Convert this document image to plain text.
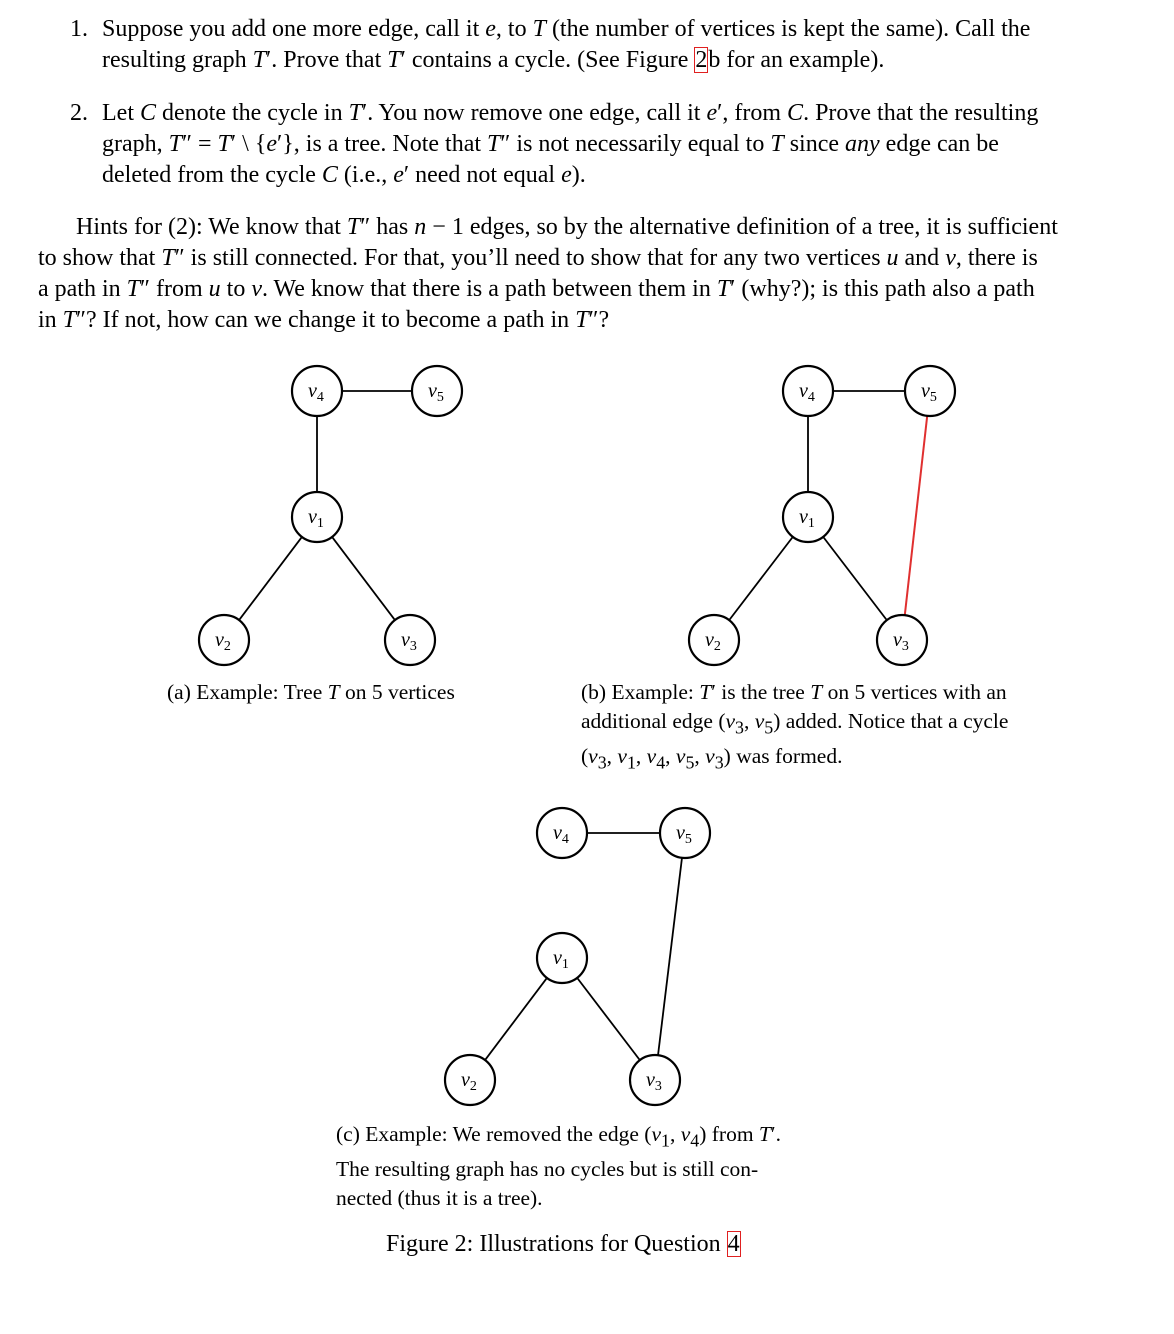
1. Suppose you add one more edge, call it e, to T (the number of vertices is kept the same). Call the
resulting graph T′. Prove that T′ contains a cycle. (See Figure 2b for an example).
2. Let C denote the cycle in T′. You now remove one edge, call it e′, from C. Prove that the resulting
graph, T″ = T′ \ {e′}, is a tree. Note that T″ is not necessarily equal to T since any edge can be
deleted from the cycle C (i.e., e′ need not equal e).
Hints for (2): We know that T″ has n − 1 edges, so by the alternative definition of a tree, it is sufficient
to show that T″ is still connected. For that, you’ll need to show that for any two vertices u and v, there is
a path in T″ from u to v. We know that there is a path between them in T′ (why?); is this path also a path
in T″? If not, how can we change it to become a path in T″?
$v_4$	$v_5$
$v_1$
$v_2$	$v_3$
$v_4$	$v_5$
$v_1$
$v_2$	$v_3$
$v_4$	$v_5$
$v_1$
$v_2$	$v_3$
(a) Example: Tree T on 5 vertices	(b) Example: T′ is the tree T on 5 vertices with an
additional edge ($v_3$, $v_5$) added. Notice that a cycle
($v_3$, $v_1$, $v_4$, $v_5$, $v_3$) was formed.
(c) Example: We removed the edge ($v_1$, $v_4$) from T′.
The resulting graph has no cycles but is still con-
nected (thus it is a tree).
Figure 2: Illustrations for Question 4
